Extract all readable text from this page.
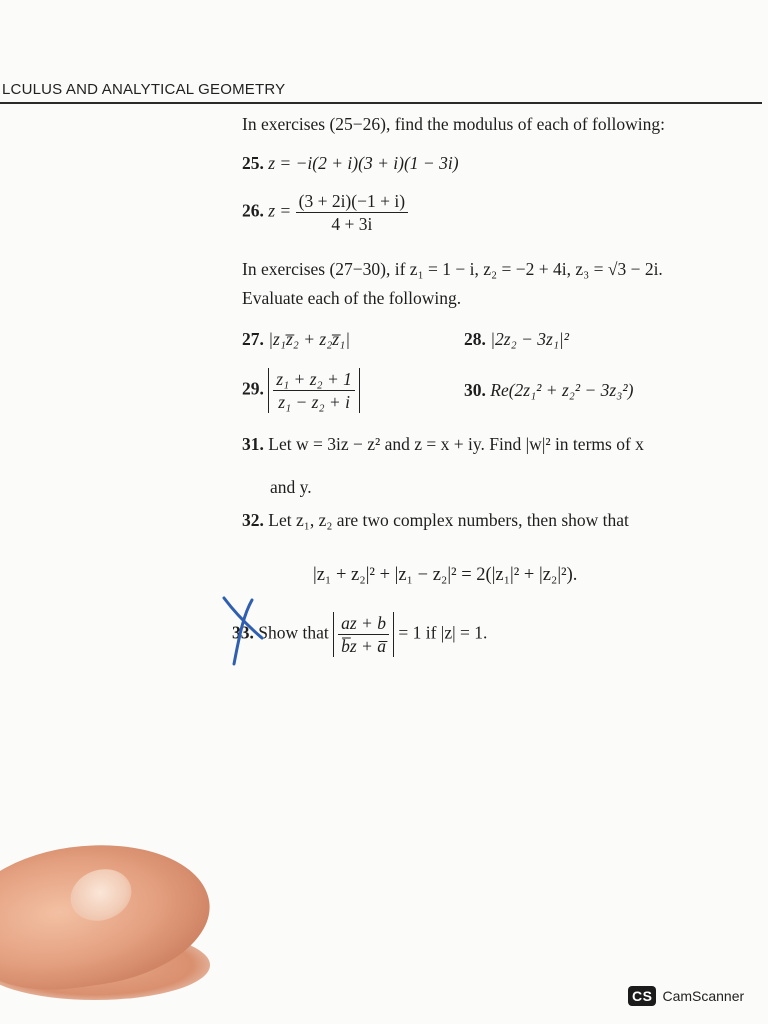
LCULUS AND ANALYTICAL GEOMETRY
In exercises (25−26), find the modulus of each of following:
25. z = −i(2 + i)(3 + i)(1 − 3i)
26. $z = \frac{(3 + 2i)(-1 + i)}{4 + 3i}$
In exercises (27−30), if z₁ = 1 − i, z₂ = −2 + 4i, z₃ = √3 − 2i.
Evaluate each of the following.
27. |z₁z̅₂ + z₂z̅₁|	28. |2z₂ − 3z₁|²
29. $\frac{\text{z₁ + z₂ + 1}}{\text{z₁ − z₂ + i}}$	30. Re(2z₁² + z₂² − 3z₃²)
31. Let w = 3iz − z² and z = x + iy. Find |w|² in terms of x
and y.
32. Let z₁, z₂ are two complex numbers, then show that
|z₁ + z₂|² + |z₁ − z₂|² = 2(|z₁|² + |z₂|²).
33. Show that $\frac{az + b}{b̅z + a̅} = 1$ if |z| = 1.
CS CamScanner
